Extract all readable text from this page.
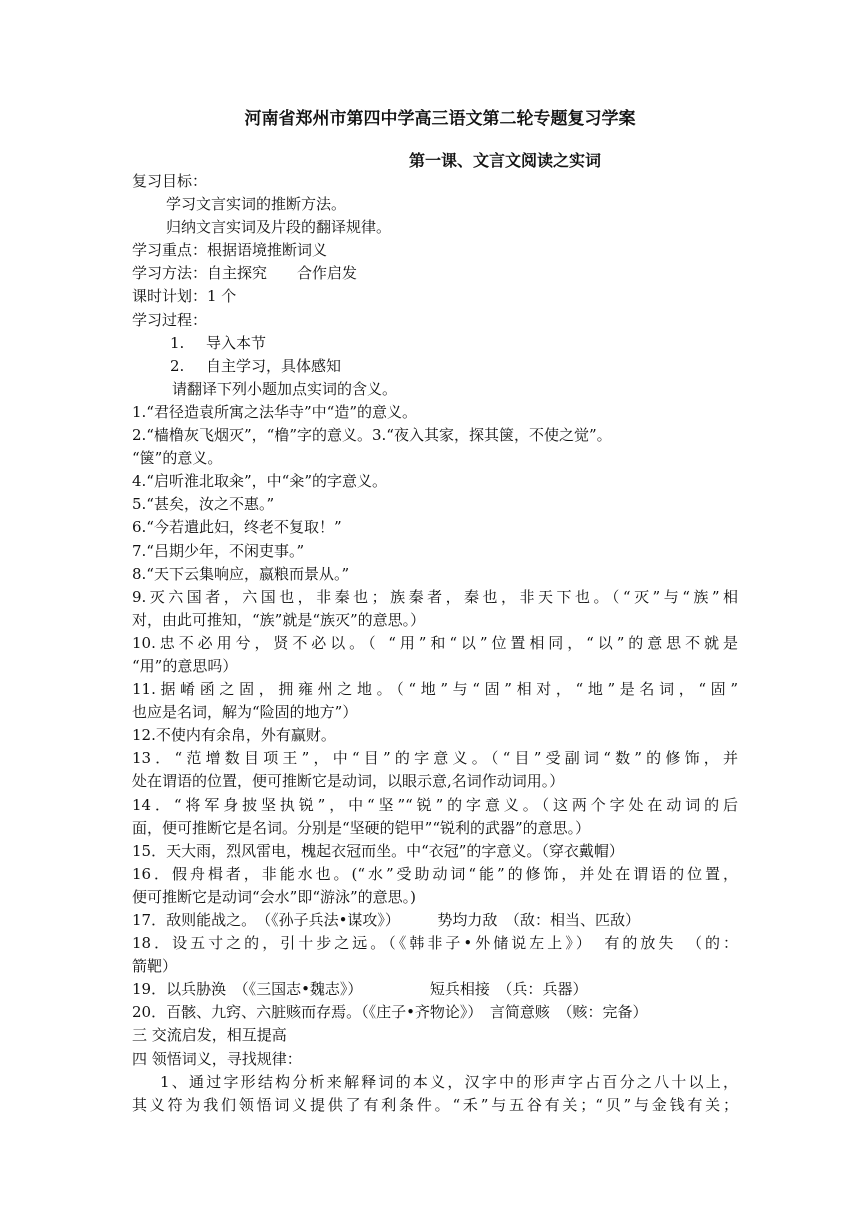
河南省郑州市第四中学高三语文第二轮专题复习学案
第一课、文言文阅读之实词
复习目标：
学习文言实词的推断方法。
归纳文言实词及片段的翻译规律。
学习重点：根据语境推断词义
学习方法：自主探究　　合作启发
课时计划：1 个
学习过程：
1. 导入本节
2. 自主学习，具体感知
请翻译下列小题加点实词的含义。
1.“君径造袁所寓之法华寺”中“造”的意义。
2.“樯橹灰飞烟灭”，“橹”字的意义。3.“夜入其家，探其箧，不使之觉”。
“箧”的意义。
4.“启听淮北取籴”，中“籴”的字意义。
5.“甚矣，汝之不惠。”
6.“今若遣此妇，终老不复取！”
7.“吕期少年，不闲吏事。”
8.“天下云集响应，嬴粮而景从。”
9.灭六国者，六国也，非秦也；族秦者，秦也，非天下也。（“灭”与“族”相
对，由此可推知，“族”就是“族灭”的意思。）
10.忠不必用兮，贤不必以。（ “用”和“以”位置相同，“以”的意思不就是
“用”的意思吗）
11.据崤函之固，拥雍州之地。（“地”与“固”相对，“地”是名词，“固”
也应是名词，解为“险固的地方”）
12.不使内有余帛，外有赢财。
13．“范增数目项王”，中“目”的字意义。（“目”受副词“数”的修饰，并
处在谓语的位置，便可推断它是动词，以眼示意,名词作动词用。）
14．“将军身披坚执锐”，中“坚”“锐”的字意义。（这两个字处在动词的后
面，便可推断它是名词。分别是“坚硬的铠甲”“锐利的武器”的意思。）
15．天大雨，烈风雷电，槐起衣冠而坐。中“衣冠”的字意义。（穿衣戴帽）
16．假舟楫者，非能水也。(“水”受助动词“能”的修饰，并处在谓语的位置，
便可推断它是动词“会水”即“游泳”的意思。)
17．敌则能战之。　（《孙子兵法•谋攻》）　　　势均力敌　（敌：相当、匹敌）
18．设五寸之的，引十步之远。（《韩非子•外储说左上》）　有的放失　（的：
箭靶）
19．以兵胁涣　（《三国志•魏志》）　　　　　短兵相接　（兵：兵器）
20．百骸、九窍、六脏赅而存焉。（《庄子•齐物论》）　言简意赅　（赅：完备）
三 交流启发，相互提高
四 领悟词义，寻找规律：
1、通过字形结构分析来解释词的本义，汉字中的形声字占百分之八十以上，
其义符为我们领悟词义提供了有利条件。“禾”与五谷有关；“贝”与金钱有关；
